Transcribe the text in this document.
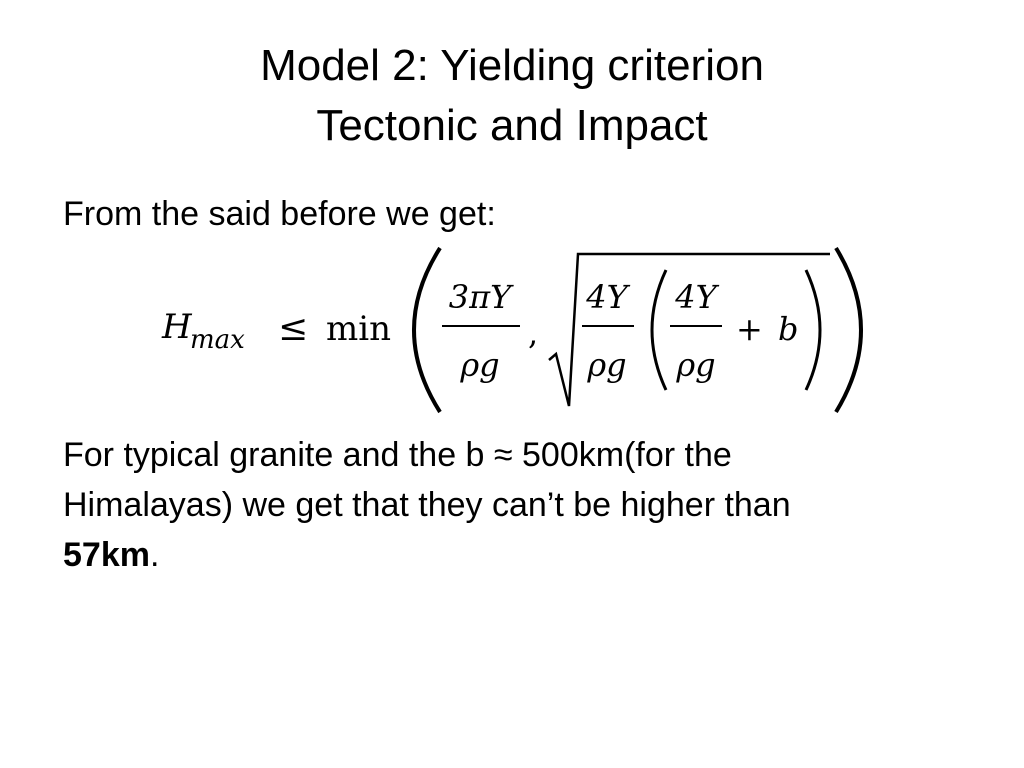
Model 2: Yielding criterion
Tectonic and Impact
From the said before we get:
H
max ≤ min
3πY
ρg
,
4Y
ρg
4Y
ρg
+ b
For typical granite and the b ≈ 500km(for the
Himalayas) we get that they can’t be higher than
57km.
